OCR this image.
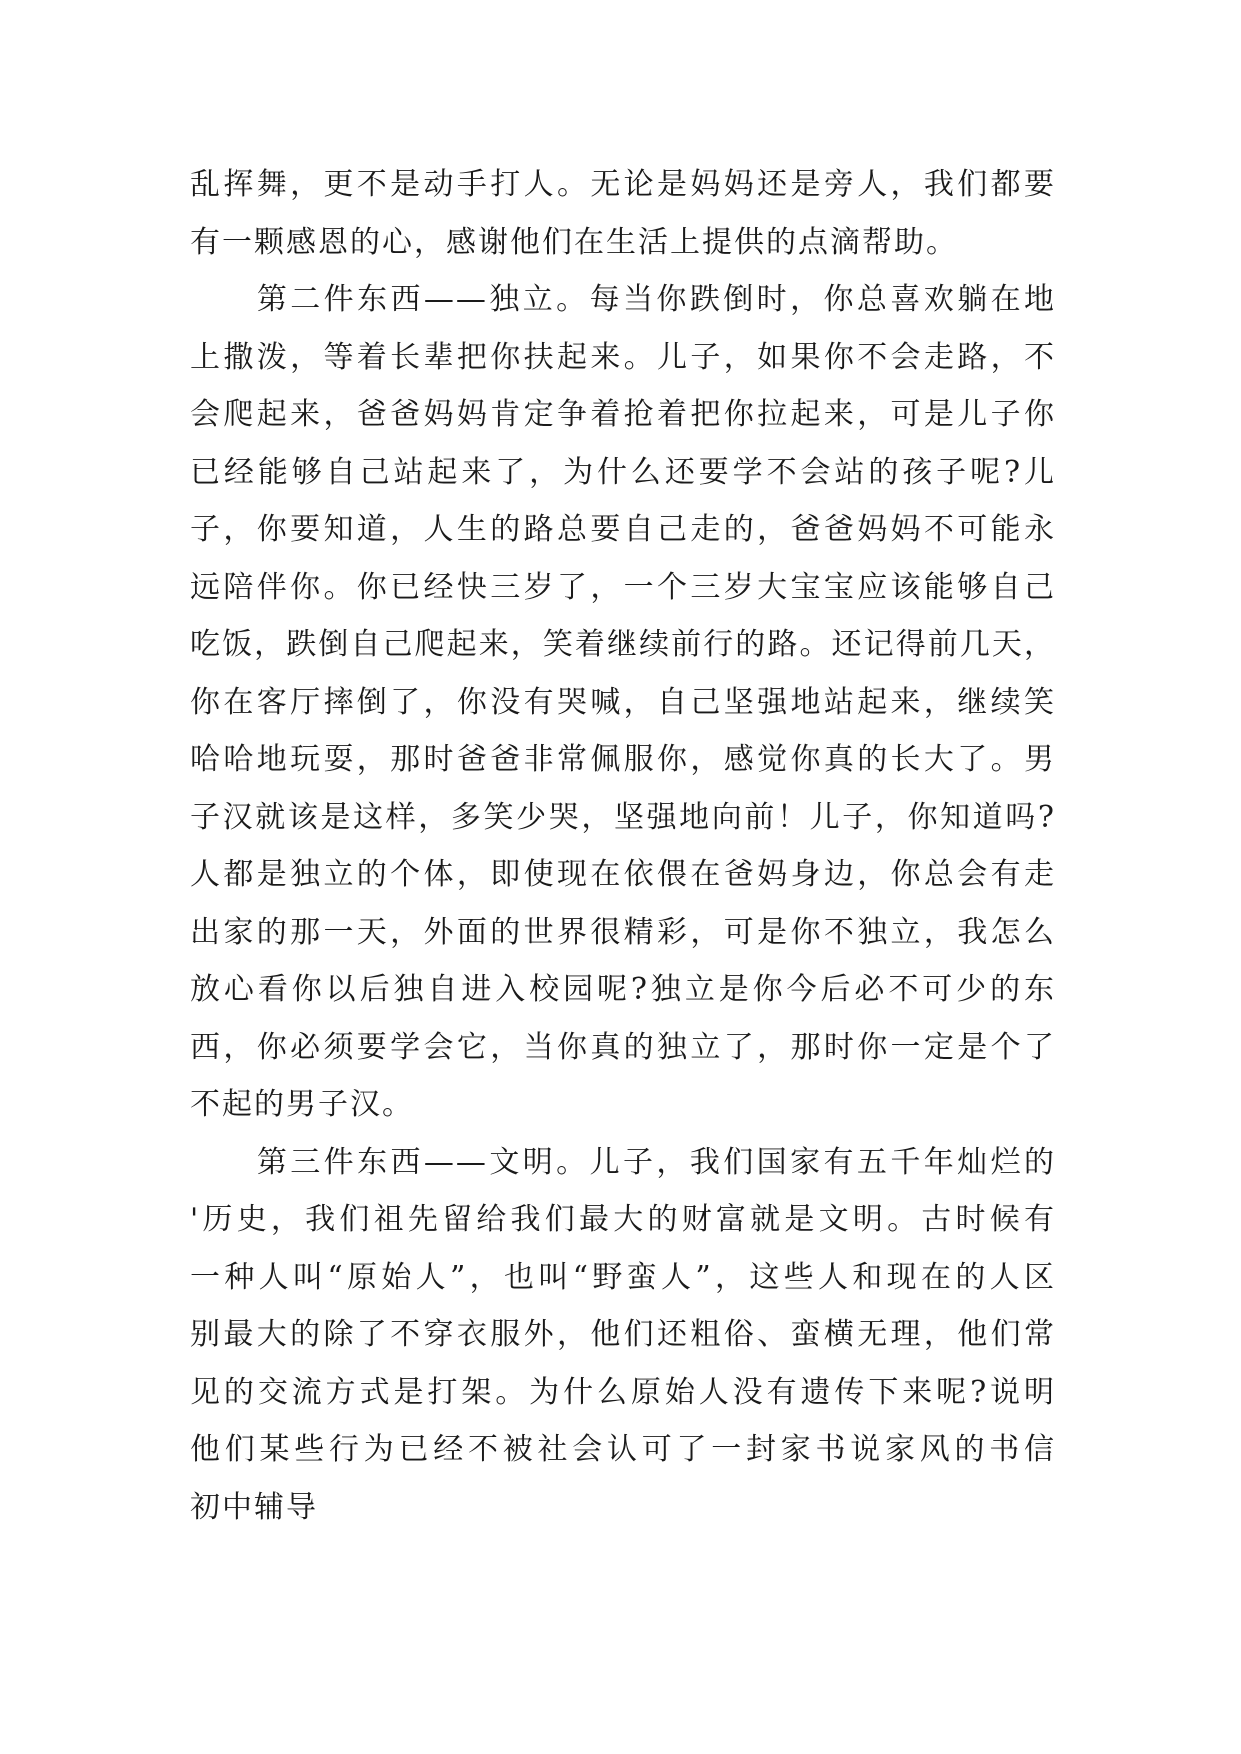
乱挥舞，更不是动手打人。无论是妈妈还是旁人，我们都要
有一颗感恩的心，感谢他们在生活上提供的点滴帮助。
　　第二件东西——独立。每当你跌倒时，你总喜欢躺在地
上撒泼，等着长辈把你扶起来。儿子，如果你不会走路，不
会爬起来，爸爸妈妈肯定争着抢着把你拉起来，可是儿子你
已经能够自己站起来了，为什么还要学不会站的孩子呢?儿
子，你要知道，人生的路总要自己走的，爸爸妈妈不可能永
远陪伴你。你已经快三岁了，一个三岁大宝宝应该能够自己
吃饭，跌倒自己爬起来，笑着继续前行的路。还记得前几天，
你在客厅摔倒了，你没有哭喊，自己坚强地站起来，继续笑
哈哈地玩耍，那时爸爸非常佩服你，感觉你真的长大了。男
子汉就该是这样，多笑少哭，坚强地向前！儿子，你知道吗?
人都是独立的个体，即使现在依偎在爸妈身边，你总会有走
出家的那一天，外面的世界很精彩，可是你不独立，我怎么
放心看你以后独自进入校园呢?独立是你今后必不可少的东
西，你必须要学会它，当你真的独立了，那时你一定是个了
不起的男子汉。
　　第三件东西——文明。儿子，我们国家有五千年灿烂的
'历史，我们祖先留给我们最大的财富就是文明。古时候有
一种人叫“原始人”，也叫“野蛮人”，这些人和现在的人区
别最大的除了不穿衣服外，他们还粗俗、蛮横无理，他们常
见的交流方式是打架。为什么原始人没有遗传下来呢?说明
他们某些行为已经不被社会认可了一封家书说家风的书信
初中辅导
